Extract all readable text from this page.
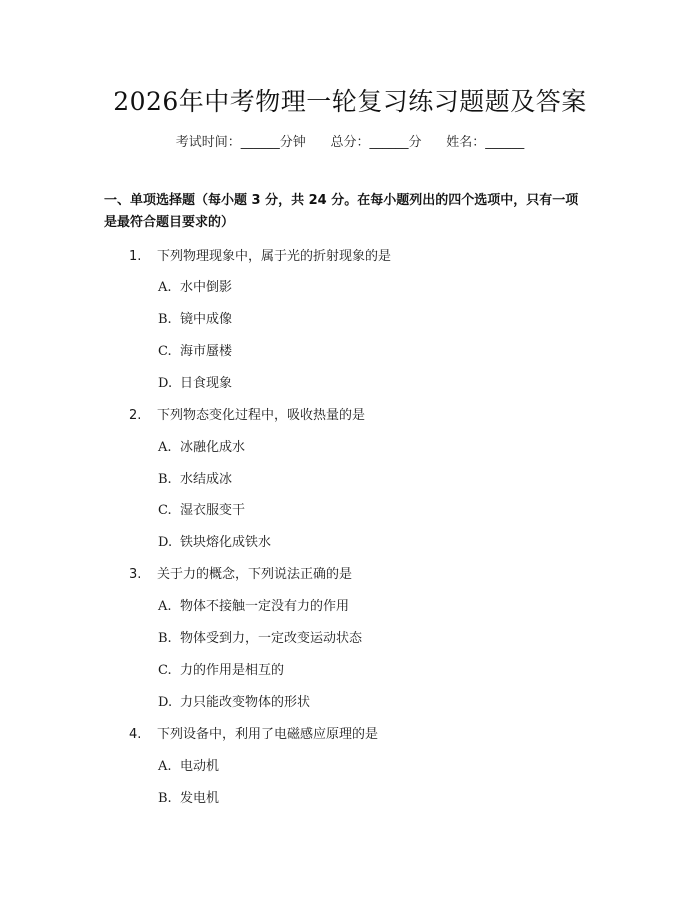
2026年中考物理一轮复习练习题题及答案
考试时间：______分钟      总分：______分      姓名：______
一、单项选择题（每小题 3 分，共 24 分。在每小题列出的四个选项中，只有一项
是最符合题目要求的）
1. 下列物理现象中，属于光的折射现象的是
A. 水中倒影
B. 镜中成像
C. 海市蜃楼
D. 日食现象
2. 下列物态变化过程中，吸收热量的是
A. 冰融化成水
B. 水结成冰
C. 湿衣服变干
D. 铁块熔化成铁水
3. 关于力的概念，下列说法正确的是
A. 物体不接触一定没有力的作用
B. 物体受到力，一定改变运动状态
C. 力的作用是相互的
D. 力只能改变物体的形状
4. 下列设备中，利用了电磁感应原理的是
A. 电动机
B. 发电机
